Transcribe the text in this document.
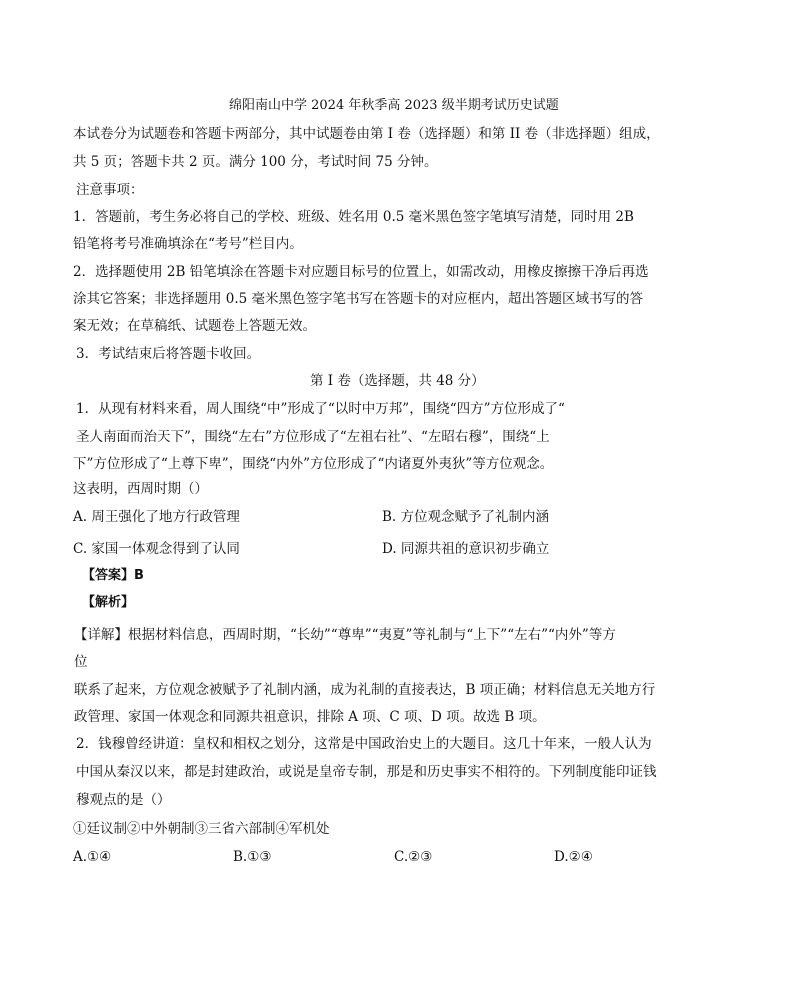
绵阳南山中学 2024 年秋季高 2023 级半期考试历史试题
本试卷分为试题卷和答题卡两部分，其中试题卷由第 I 卷（选择题）和第 II 卷（非选择题）组成，
共 5 页；答题卡共 2 页。满分 100 分，考试时间 75 分钟。
注意事项：
1．答题前，考生务必将自己的学校、班级、姓名用 0.5 毫米黑色签字笔填写清楚，同时用 2B
铅笔将考号准确填涂在“考号”栏目内。
2．选择题使用 2B 铅笔填涂在答题卡对应题目标号的位置上，如需改动，用橡皮擦擦干净后再选
涂其它答案；非选择题用 0.5 毫米黑色签字笔书写在答题卡的对应框内，超出答题区域书写的答
案无效；在草稿纸、试题卷上答题无效。
3．考试结束后将答题卡收回。
第 I 卷（选择题，共 48 分）
1．从现有材料来看，周人围绕“中”形成了“以时中万邦”，围绕“四方”方位形成了“
圣人南面而治天下”，围绕“左右”方位形成了“左祖右社”、“左昭右穆”，围绕“上
下”方位形成了“上尊下卑”，围绕“内外”方位形成了“内诸夏外夷狄”等方位观念。
这表明，西周时期（）
A. 周王强化了地方行政管理	B. 方位观念赋予了礼制内涵
C. 家国一体观念得到了认同	D. 同源共祖的意识初步确立
【答案】B
【解析】
【详解】根据材料信息，西周时期，“长幼”“尊卑”“夷夏”等礼制与“上下”“左右”“内外”等方
位
联系了起来，方位观念被赋予了礼制内涵，成为礼制的直接表达，B 项正确；材料信息无关地方行
政管理、家国一体观念和同源共祖意识，排除 A 项、C 项、D 项。故选 B 项。
2．钱穆曾经讲道：皇权和相权之划分，这常是中国政治史上的大题目。这几十年来，一般人认为
中国从秦汉以来，都是封建政治，或说是皇帝专制，那是和历史事实不相符的。下列制度能印证钱
穆观点的是（）
①廷议制②中外朝制③三省六部制④军机处
A.①④	B.①③	C.②③	D.②④
